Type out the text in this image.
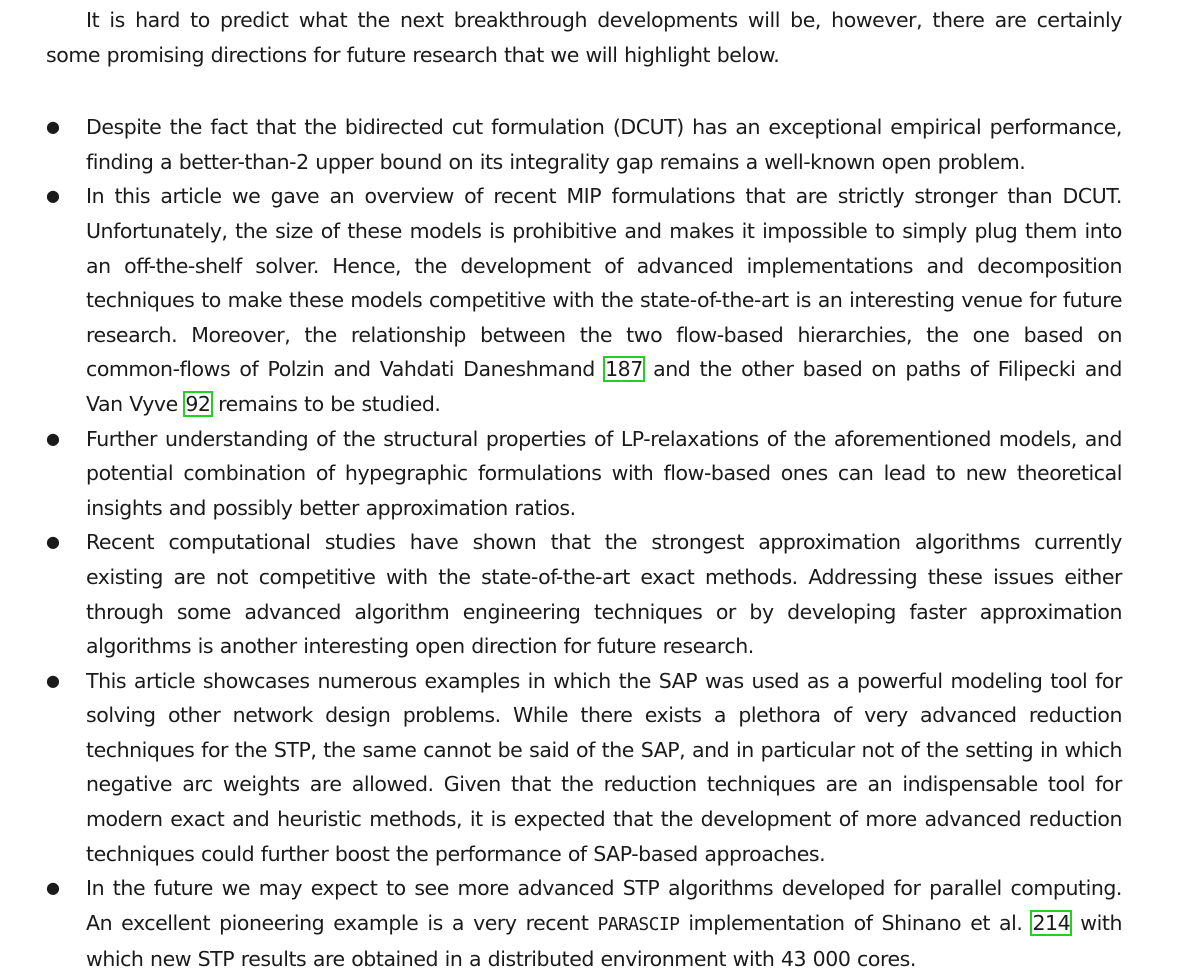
It is hard to predict what the next breakthrough developments will be, however, there are certainly some promising directions for future research that we will highlight below.

●	Despite the fact that the bidirected cut formulation (DCUT) has an exceptional empirical performance, finding a better-than-2 upper bound on its integrality gap remains a well-known open problem.
●	In this article we gave an overview of recent MIP formulations that are strictly stronger than DCUT. Unfortunately, the size of these models is prohibitive and makes it impossible to simply plug them into an off-the-shelf solver. Hence, the development of advanced implementations and decomposition techniques to make these models competitive with the state-of-the-art is an interesting venue for future research. Moreover, the relationship between the two flow-based hierarchies, the one based on common-flows of Polzin and Vahdati Daneshmand 187 and the other based on paths of Filipecki and Van Vyve 92 remains to be studied.
●	Further understanding of the structural properties of LP-relaxations of the aforementioned models, and potential combination of hypegraphic formulations with flow-based ones can lead to new theoretical insights and possibly better approximation ratios.
●	Recent computational studies have shown that the strongest approximation algorithms currently existing are not competitive with the state-of-the-art exact methods. Addressing these issues either through some advanced algorithm engineering techniques or by developing faster approximation algorithms is another interesting open direction for future research.
●	This article showcases numerous examples in which the SAP was used as a powerful modeling tool for solving other network design problems. While there exists a plethora of very advanced reduction techniques for the STP, the same cannot be said of the SAP, and in particular not of the setting in which negative arc weights are allowed. Given that the reduction techniques are an indispensable tool for modern exact and heuristic methods, it is expected that the development of more advanced reduction techniques could further boost the performance of SAP-based approaches.
●	In the future we may expect to see more advanced STP algorithms developed for parallel computing. An excellent pioneering example is a very recent PARASCIP implementation of Shinano et al. 214 with which new STP results are obtained in a distributed environment with 43 000 cores.
